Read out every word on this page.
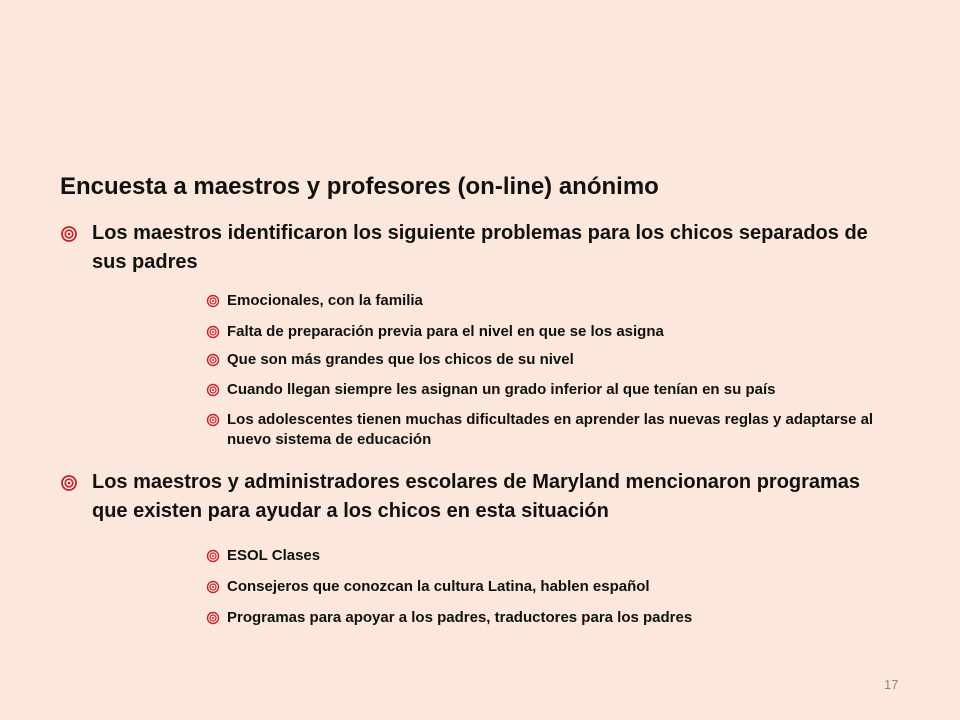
Encuesta a maestros y profesores (on-line) anónimo
Los maestros identificaron los siguiente problemas para los chicos separados de sus padres
Emocionales, con la familia
Falta de preparación previa para el nivel en que se los asigna
Que son más grandes que los chicos de su nivel
Cuando llegan siempre les asignan un grado inferior al que tenían en su país
Los adolescentes tienen muchas dificultades en aprender las nuevas reglas y adaptarse al nuevo sistema de educación
Los maestros y administradores escolares de Maryland mencionaron programas que existen para ayudar a los chicos en esta situación
ESOL Clases
Consejeros que conozcan la cultura Latina, hablen español
Programas para apoyar a los padres, traductores para los padres
17
